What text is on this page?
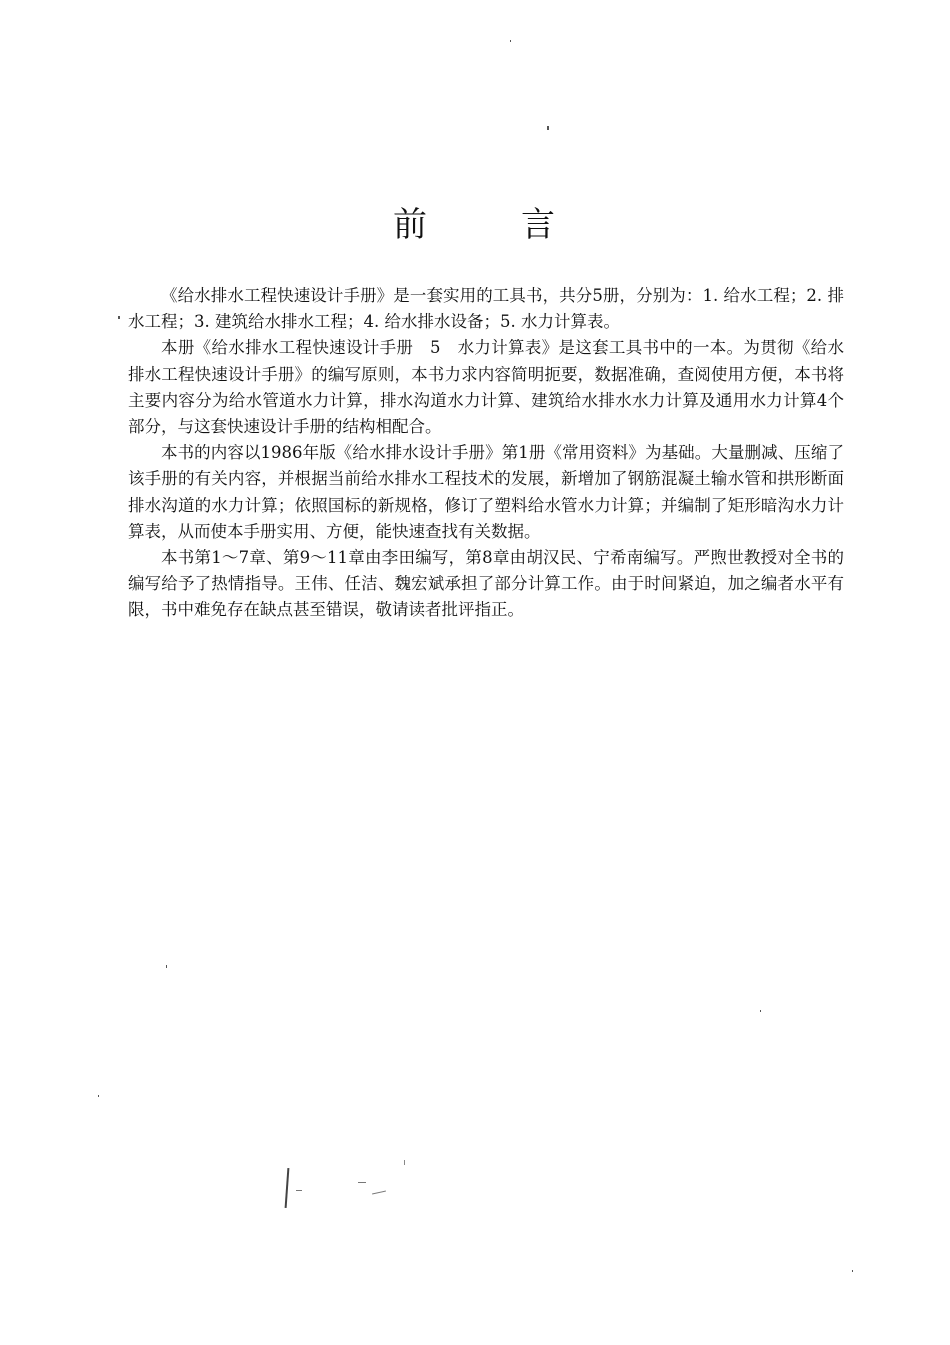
前	言

《给水排水工程快速设计手册》是一套实用的工具书，共分5册，分别为：1. 给水工程；2. 排水工程；3. 建筑给水排水工程；4. 给水排水设备；5. 水力计算表。

本册《给水排水工程快速设计手册　5　水力计算表》是这套工具书中的一本。为贯彻《给水排水工程快速设计手册》的编写原则，本书力求内容简明扼要，数据准确，查阅使用方便，本书将主要内容分为给水管道水力计算，排水沟道水力计算、建筑给水排水水力计算及通用水力计算4个部分，与这套快速设计手册的结构相配合。

本书的内容以1986年版《给水排水设计手册》第1册《常用资料》为基础。大量删减、压缩了该手册的有关内容，并根据当前给水排水工程技术的发展，新增加了钢筋混凝土输水管和拱形断面排水沟道的水力计算；依照国标的新规格，修订了塑料给水管水力计算；并编制了矩形暗沟水力计算表，从而使本手册实用、方便，能快速查找有关数据。

本书第1～7章、第9～11章由李田编写，第8章由胡汉民、宁希南编写。严煦世教授对全书的编写给予了热情指导。王伟、任洁、魏宏斌承担了部分计算工作。由于时间紧迫，加之编者水平有限，书中难免存在缺点甚至错误，敬请读者批评指正。
